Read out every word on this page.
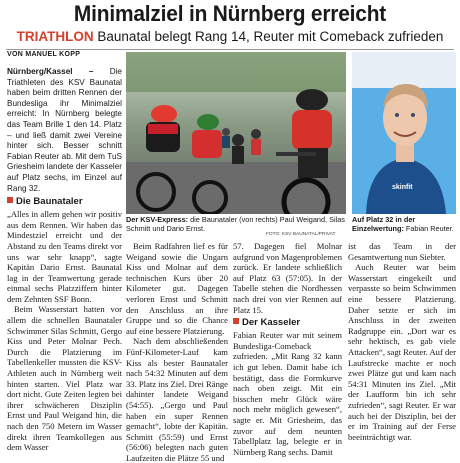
Minimalziel in Nürnberg erreicht
TRIATHLON Baunatal belegt Rang 14, Reuter mit Comeback zufrieden
VON MANUEL KOPP

Nürnberg/Kassel – Die Triathleten des KSV Baunatal haben beim dritten Rennen der Bundesliga ihr Minimalziel erreicht: In Nürnberg belegte das Team Brille 1 den 14. Platz – und ließ damit zwei Vereine hinter sich. Besser schnitt Fabian Reuter ab. Mit dem TuS Griesheim landete der Kasseler auf Platz sechs, im Einzel auf Rang 32.

Die Baunataler

„Alles in allem gehen wir positiv aus dem Rennen. Wir haben das Mindestziel erreicht und der Abstand zu den Teams direkt vor uns war sehr knapp“, sagte Kapitän Dario Ernst. Baunatal lag in der Teamwertung gerade einmal sechs Platzziffern hinter dem Zehnten SSF Bonn.

Beim Wasserstart hatten vor allem die schnellen Baunataler Schwimmer Silas Schmitt, Gergo Kiss und Peter Molnar Pech. Durch die Platzierung im Tabellenkeller mussten die KSV-Athleten auch in Nürnberg weit hinten starten. Viel Platz war dort nicht. Gute Zeiten legten bei ihrer schwächeren Disziplin Ernst und Paul Weigand hin, die nach den 750 Metern im Wasser direkt ihren Teamkollegen aus dem Wasser

FOTO: KSV BAUNATAL/PRIVAT
skinfit
Der KSV-Express: die Baunataler (von rechts) Paul Weigand, Silas Schmitt und Dario Ernst.
Auf Platz 32 in der Einzelwertung: Fabian Reuter.

Beim Radfahren lief es für Weigand sowie die Ungarn Kiss und Molnar auf dem technischen Kurs über 20 Kilometer gut. Dagegen verloren Ernst und Schmitt den Anschluss an ihre Gruppe und so die Chance auf eine bessere Platzierung.

Nach dem abschließenden Fünf-Kilometer-Lauf kam Kiss als bester Baunataler nach 54:32 Minuten auf dem 33. Platz ins Ziel. Drei Ränge dahinter landete Weigand (54:55). „Gergo und Paul haben ein super Rennen gemacht“, lobte der Kapitän. Schmitt (55:59) und Ernst (56:06) belegten nach guten Laufzeiten die Plätze 55 und

57. Dagegen fiel Molnar aufgrund von Magenproblemen zurück. Er landete schließlich auf Platz 63 (57:05). In der Tabelle stehen die Nordhessen nach drei von vier Rennen auf Platz 15.

Der Kasseler

Fabian Reuter war mit seinem Bundesliga-Comeback zufrieden. „Mit Rang 32 kann ich gut leben. Damit habe ich bestätigt, dass die Formkurve nach oben zeigt. Mit ein bisschen mehr Glück wäre noch mehr möglich gewesen“, sagte er. Mit Griesheim, das zuvor auf dem neunten Tabellplatz lag, belegte er in Nürnberg Rang sechs. Damit

ist das Team in der Gesamtwertung nun Siebter.

Auch Reuter war beim Wasserstart eingekeilt und verpasste so beim Schwimmen eine bessere Platzierung. Daher setzte er sich im Anschluss in der zweiten Radgruppe ein. „Dort war es sehr hektisch, es gab viele Attacken“, sagt Reuter. Auf der Laufstrecke machte er noch zwei Plätze gut und kam nach 54:31 Minuten ins Ziel. „Mit der Laufform bin ich sehr zufrieden“, sagt Reuter. Er war auch bei der Disziplin, bei der er im Training auf der Ferse beeinträchtigt war.
